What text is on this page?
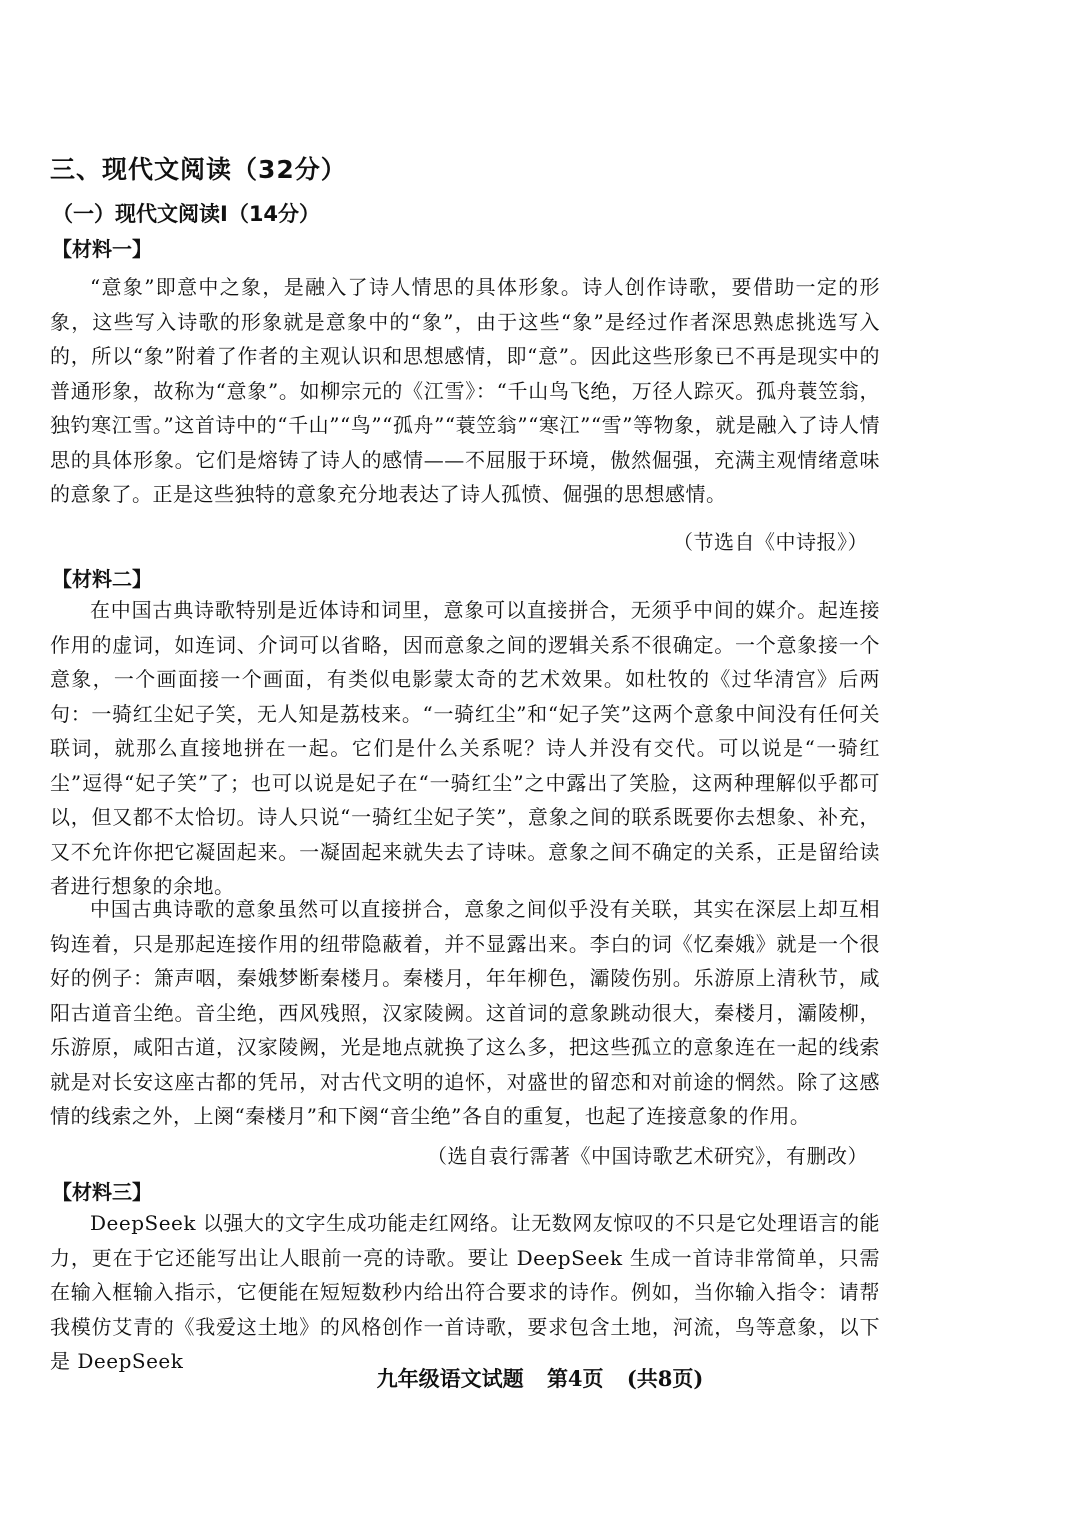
三、现代文阅读（32分）
（一）现代文阅读Ⅰ（14分）
【材料一】

“意象”即意中之象，是融入了诗人情思的具体形象。诗人创作诗歌，要借助一定的形象，这些写入诗歌的形象就是意象中的“象”，由于这些“象”是经过作者深思熟虑挑选写入的，所以“象”附着了作者的主观认识和思想感情，即“意”。因此这些形象已不再是现实中的普通形象，故称为“意象”。如柳宗元的《江雪》：“千山鸟飞绝，万径人踪灭。孤舟蓑笠翁，独钓寒江雪。”这首诗中的“千山”“鸟”“孤舟”“蓑笠翁”“寒江”“雪”等物象，就是融入了诗人情思的具体形象。它们是熔铸了诗人的感情——不屈服于环境，傲然倔强，充满主观情绪意味的意象了。正是这些独特的意象充分地表达了诗人孤愤、倔强的思想感情。

（节选自《中诗报》）
【材料二】

在中国古典诗歌特别是近体诗和词里，意象可以直接拼合，无须乎中间的媒介。起连接作用的虚词，如连词、介词可以省略，因而意象之间的逻辑关系不很确定。一个意象接一个意象，一个画面接一个画面，有类似电影蒙太奇的艺术效果。如杜牧的《过华清宫》后两句：一骑红尘妃子笑，无人知是荔枝来。“一骑红尘”和“妃子笑”这两个意象中间没有任何关联词，就那么直接地拼在一起。它们是什么关系呢？诗人并没有交代。可以说是“一骑红尘”逗得“妃子笑”了；也可以说是妃子在“一骑红尘”之中露出了笑脸，这两种理解似乎都可以，但又都不太恰切。诗人只说“一骑红尘妃子笑”，意象之间的联系既要你去想象、补充，又不允许你把它凝固起来。一凝固起来就失去了诗味。意象之间不确定的关系，正是留给读者进行想象的余地。

中国古典诗歌的意象虽然可以直接拼合，意象之间似乎没有关联，其实在深层上却互相钩连着，只是那起连接作用的纽带隐蔽着，并不显露出来。李白的词《忆秦娥》就是一个很好的例子：箫声咽，秦娥梦断秦楼月。秦楼月，年年柳色，灞陵伤别。乐游原上清秋节，咸阳古道音尘绝。音尘绝，西风残照，汉家陵阙。这首词的意象跳动很大，秦楼月，灞陵柳，乐游原，咸阳古道，汉家陵阙，光是地点就换了这么多，把这些孤立的意象连在一起的线索就是对长安这座古都的凭吊，对古代文明的追怀，对盛世的留恋和对前途的惘然。除了这感情的线索之外，上阕“秦楼月”和下阕“音尘绝”各自的重复，也起了连接意象的作用。

（选自袁行霈著《中国诗歌艺术研究》，有删改）
【材料三】

DeepSeek 以强大的文字生成功能走红网络。让无数网友惊叹的不只是它处理语言的能力，更在于它还能写出让人眼前一亮的诗歌。要让 DeepSeek 生成一首诗非常简单，只需在输入框输入指示，它便能在短短数秒内给出符合要求的诗作。例如，当你输入指令：请帮我模仿艾青的《我爱这土地》的风格创作一首诗歌，要求包含土地，河流，鸟等意象，以下是 DeepSeek

九年级语文试题 第4页 (共8页)
